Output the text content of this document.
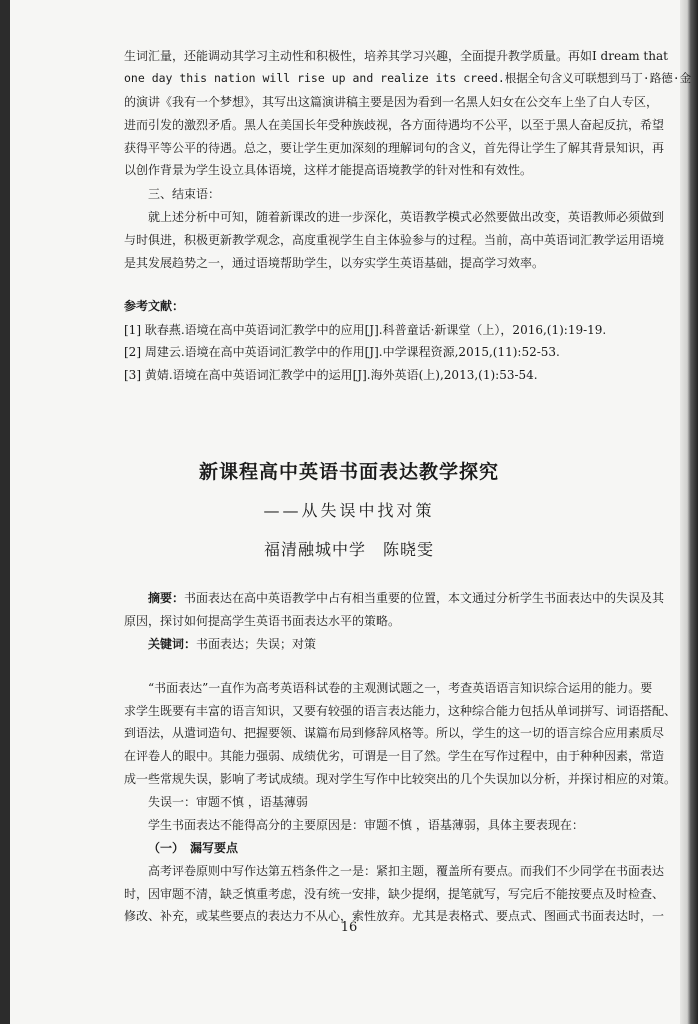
生词汇量，还能调动其学习主动性和积极性，培养其学习兴趣，全面提升教学质量。再如I dream that

one day this nation will rise up and realize its creed.根据全句含义可联想到马丁·路德·金

的演讲《我有一个梦想》，其写出这篇演讲稿主要是因为看到一名黑人妇女在公交车上坐了白人专区，

进而引发的激烈矛盾。黑人在美国长年受种族歧视，各方面待遇均不公平，以至于黑人奋起反抗，希望

获得平等公平的待遇。总之，要让学生更加深刻的理解词句的含义，首先得让学生了解其背景知识，再

以创作背景为学生设立具体语境，这样才能提高语境教学的针对性和有效性。

三、结束语：

就上述分析中可知，随着新课改的进一步深化，英语教学模式必然要做出改变，英语教师必须做到

与时俱进，积极更新教学观念，高度重视学生自主体验参与的过程。当前，高中英语词汇教学运用语境

是其发展趋势之一，通过语境帮助学生，以夯实学生英语基础，提高学习效率。

参考文献：

[1] 耿春燕.语境在高中英语词汇教学中的应用[J].科普童话·新课堂（上），2016,(1):19-19.

[2] 周建云.语境在高中英语词汇教学中的作用[J].中学课程资源,2015,(11):52-53.

[3] 黄婧.语境在高中英语词汇教学中的运用[J].海外英语(上),2013,(1):53-54.

新课程高中英语书面表达教学探究

——从失误中找对策

福清融城中学　陈晓雯

摘要：书面表达在高中英语教学中占有相当重要的位置，本文通过分析学生书面表达中的失误及其

原因，探讨如何提高学生英语书面表达水平的策略。

关键词：书面表达；失误；对策

“书面表达”一直作为高考英语科试卷的主观测试题之一，考查英语语言知识综合运用的能力。要

求学生既要有丰富的语言知识，又要有较强的语言表达能力，这种综合能力包括从单词拼写、词语搭配、

到语法，从遣词造句、把握要领、谋篇布局到修辞风格等。所以，学生的这一切的语言综合应用素质尽

在评卷人的眼中。其能力强弱、成绩优劣，可谓是一目了然。学生在写作过程中，由于种种因素，常造

成一些常规失误，影响了考试成绩。现对学生写作中比较突出的几个失误加以分析，并探讨相应的对策。

失误一：审题不慎 ，语基薄弱

学生书面表达不能得高分的主要原因是：审题不慎 ，语基薄弱，具体主要表现在：

（一）　漏写要点

高考评卷原则中写作达第五档条件之一是：紧扣主题，覆盖所有要点。而我们不少同学在书面表达

时，因审题不清，缺乏慎重考虑，没有统一安排，缺少提纲，提笔就写，写完后不能按要点及时检查、

修改、补充，或某些要点的表达力不从心，索性放弃。尤其是表格式、要点式、图画式书面表达时，一

16
